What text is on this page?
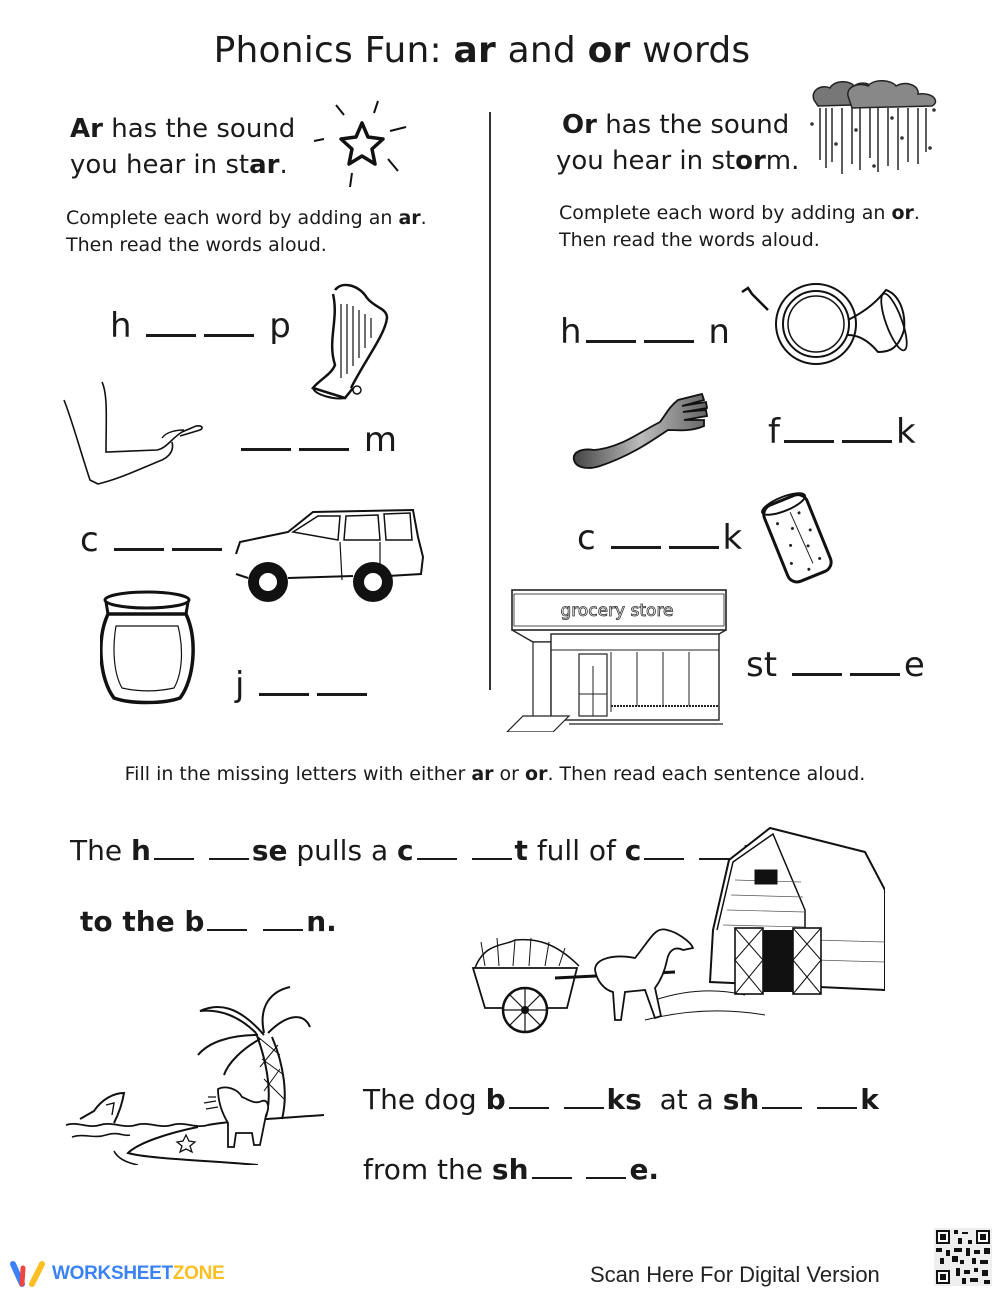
Phonics Fun: ar and or words
Ar has the sound
you hear in star.
Complete each word by adding an ar.
Then read the words aloud.
h	p
m
c
j
Or has the sound
you hear in storm.
Complete each word by adding an or.
Then read the words aloud.
h	n
f	k
c	k
grocery store
st	e
Fill in the missing letters with either ar or or. Then read each sentence aloud.
The h	se pulls a c	t full of c
to the b	n.
The dog b	ks  at a sh	k
from the sh	e.
WORKSHEETZONE	Scan Here For Digital Version
